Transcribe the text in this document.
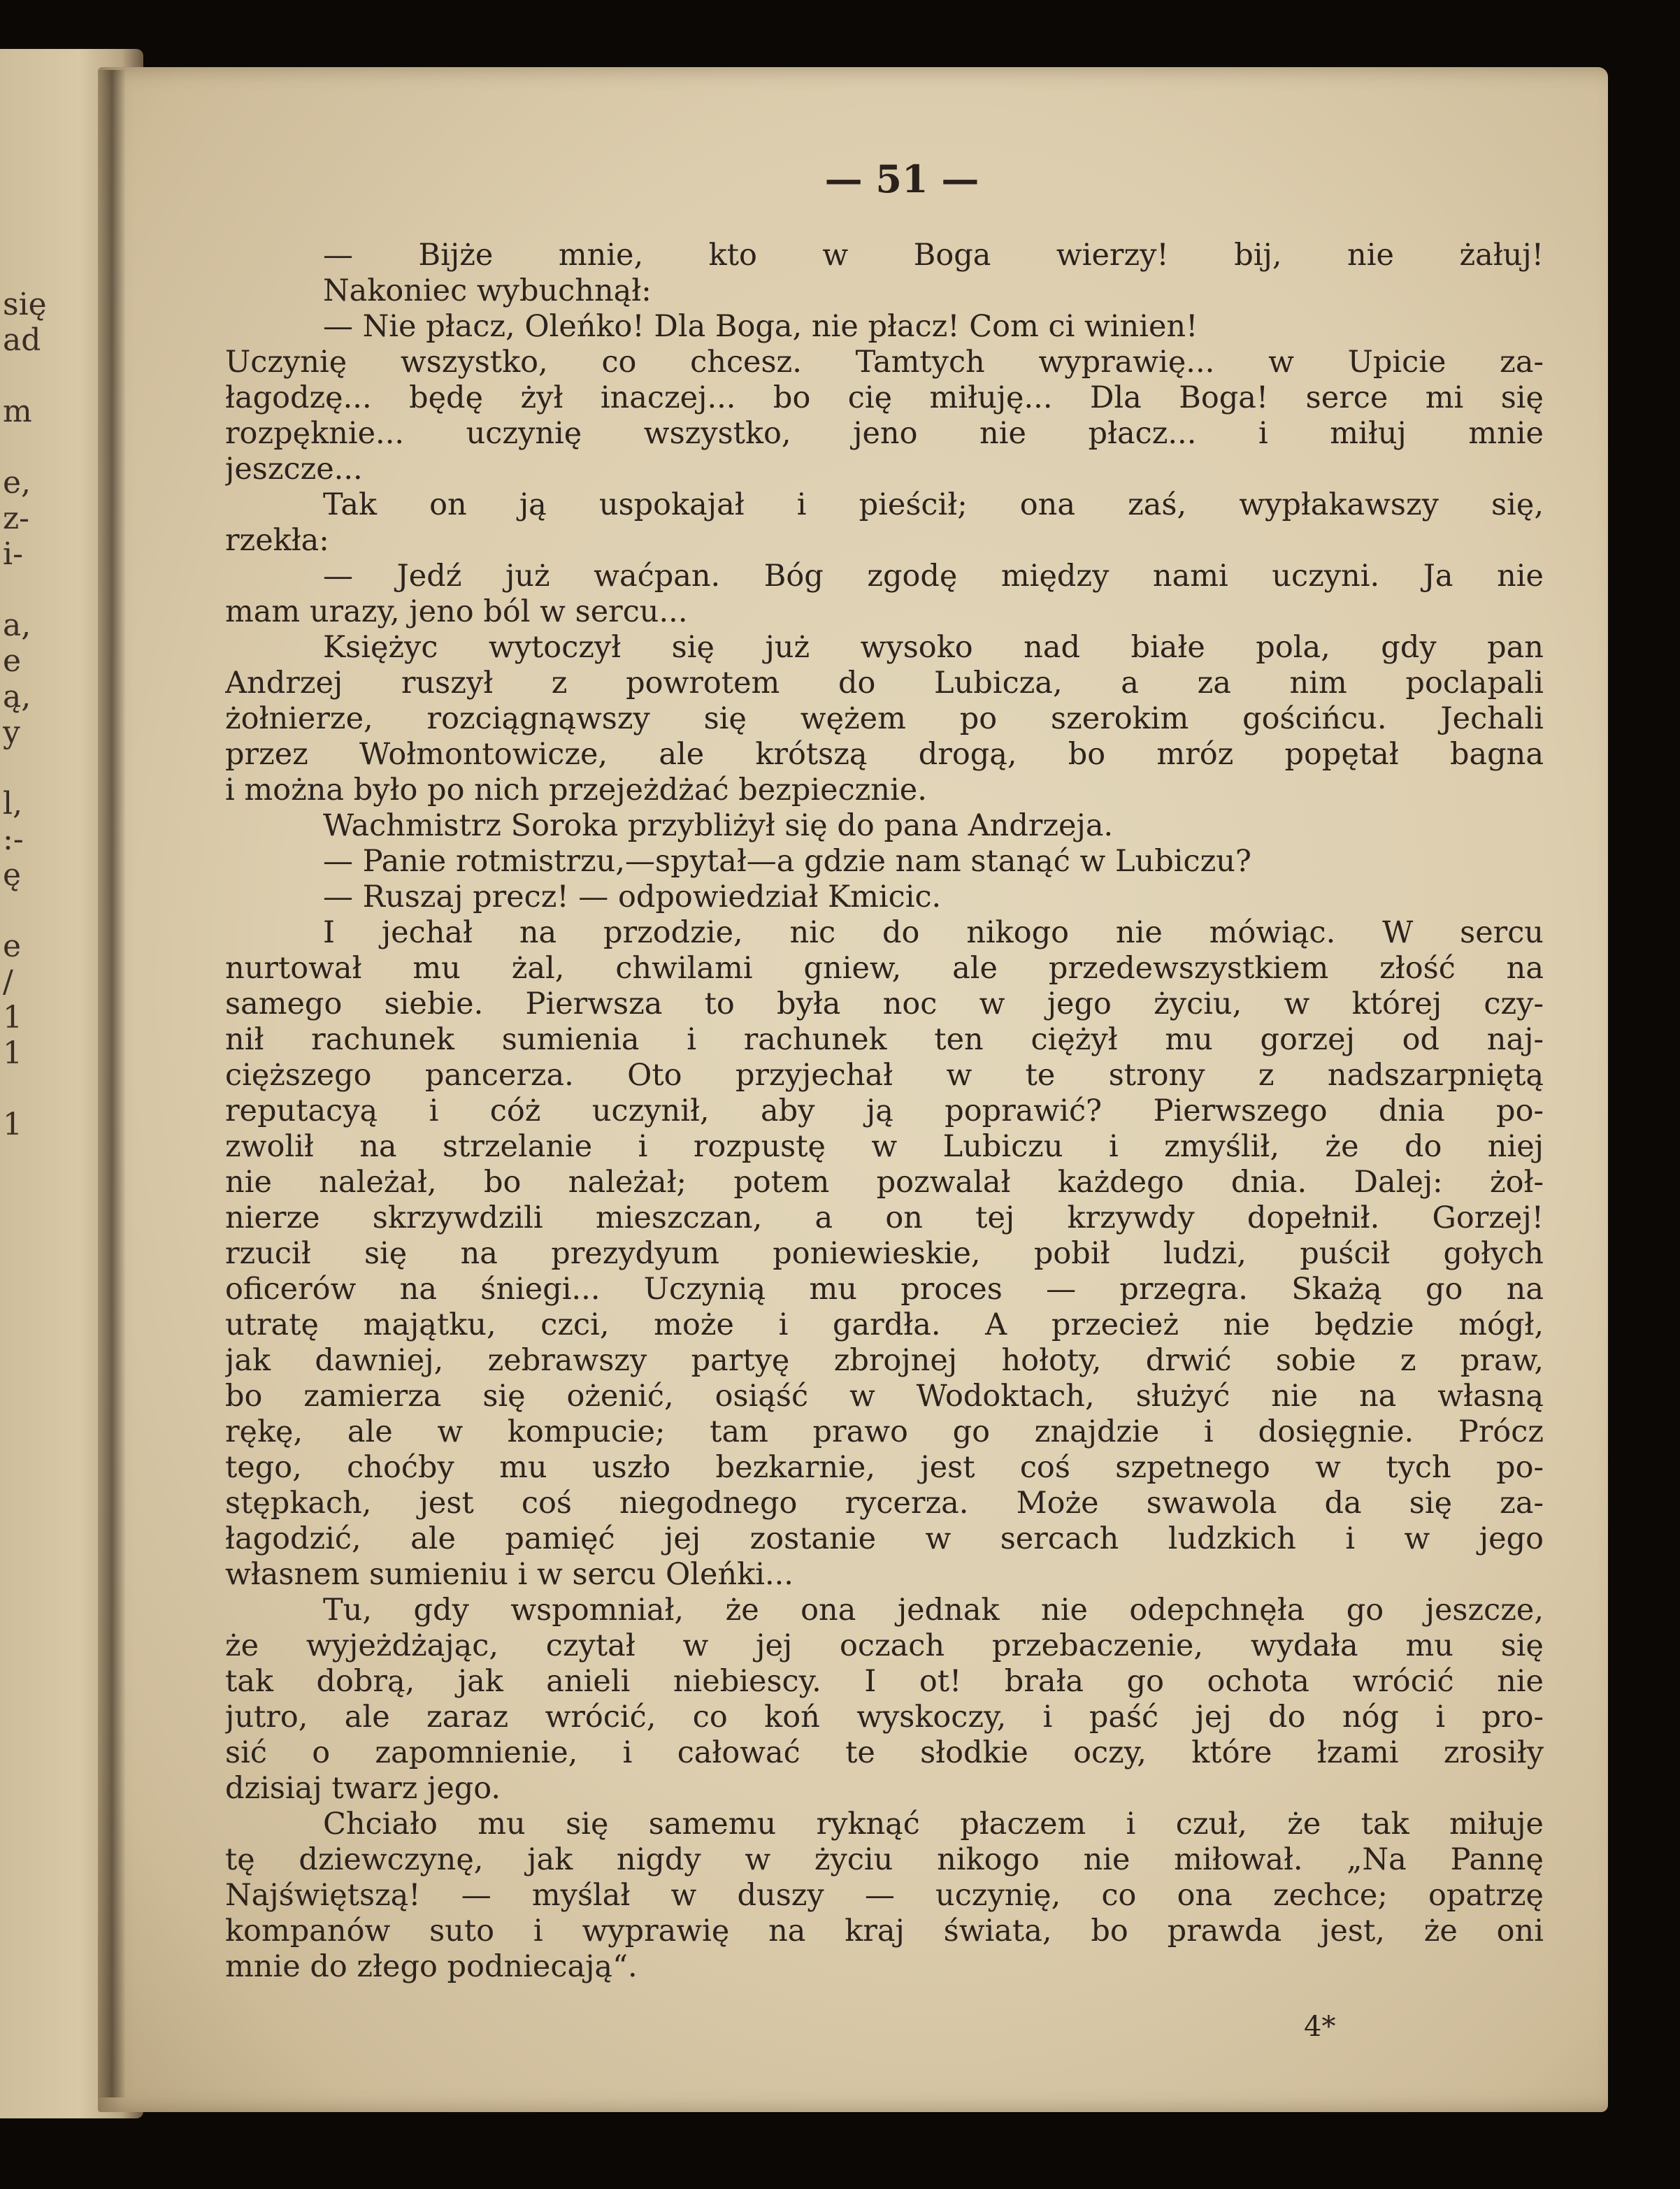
się
ad
m
e,
z-
i-
a,
e
ą,
y
l,
:-
ę
e
/
1
1
1
— 51 —
— Bijże mnie, kto w Boga wierzy! bij, nie żałuj!
Nakoniec wybuchnął:
— Nie płacz, Oleńko! Dla Boga, nie płacz! Com ci winien!
Uczynię wszystko, co chcesz. Tamtych wyprawię... w Upicie za-
łagodzę... będę żył inaczej... bo cię miłuję... Dla Boga! serce mi się
rozpęknie... uczynię wszystko, jeno nie płacz... i miłuj mnie
jeszcze...
Tak on ją uspokajał i pieścił; ona zaś, wypłakawszy się,
rzekła:
— Jedź już waćpan. Bóg zgodę między nami uczyni. Ja nie
mam urazy, jeno ból w sercu...
Księżyc wytoczył się już wysoko nad białe pola, gdy pan
Andrzej ruszył z powrotem do Lubicza, a za nim poclapali
żołnierze, rozciągnąwszy się wężem po szerokim gościńcu. Jechali
przez Wołmontowicze, ale krótszą drogą, bo mróz popętał bagna
i można było po nich przejeżdżać bezpiecznie.
Wachmistrz Soroka przybliżył się do pana Andrzeja.
— Panie rotmistrzu,—spytał—a gdzie nam stanąć w Lubiczu?
— Ruszaj precz! — odpowiedział Kmicic.
I jechał na przodzie, nic do nikogo nie mówiąc. W sercu
nurtował mu żal, chwilami gniew, ale przedewszystkiem złość na
samego siebie. Pierwsza to była noc w jego życiu, w której czy-
nił rachunek sumienia i rachunek ten ciężył mu gorzej od naj-
cięższego pancerza. Oto przyjechał w te strony z nadszarpniętą
reputacyą i cóż uczynił, aby ją poprawić? Pierwszego dnia po-
zwolił na strzelanie i rozpustę w Lubiczu i zmyślił, że do niej
nie należał, bo należał; potem pozwalał każdego dnia. Dalej: żoł-
nierze skrzywdzili mieszczan, a on tej krzywdy dopełnił. Gorzej!
rzucił się na prezydyum poniewieskie, pobił ludzi, puścił gołych
oficerów na śniegi... Uczynią mu proces — przegra. Skażą go na
utratę majątku, czci, może i gardła. A przecież nie będzie mógł,
jak dawniej, zebrawszy partyę zbrojnej hołoty, drwić sobie z praw,
bo zamierza się ożenić, osiąść w Wodoktach, służyć nie na własną
rękę, ale w kompucie; tam prawo go znajdzie i dosięgnie. Prócz
tego, choćby mu uszło bezkarnie, jest coś szpetnego w tych po-
stępkach, jest coś niegodnego rycerza. Może swawola da się za-
łagodzić, ale pamięć jej zostanie w sercach ludzkich i w jego
własnem sumieniu i w sercu Oleńki...
Tu, gdy wspomniał, że ona jednak nie odepchnęła go jeszcze,
że wyjeżdżając, czytał w jej oczach przebaczenie, wydała mu się
tak dobrą, jak anieli niebiescy. I ot! brała go ochota wrócić nie
jutro, ale zaraz wrócić, co koń wyskoczy, i paść jej do nóg i pro-
sić o zapomnienie, i całować te słodkie oczy, które łzami zrosiły
dzisiaj twarz jego.
Chciało mu się samemu ryknąć płaczem i czuł, że tak miłuje
tę dziewczynę, jak nigdy w życiu nikogo nie miłował. „Na Pannę
Najświętszą! — myślał w duszy — uczynię, co ona zechce; opatrzę
kompanów suto i wyprawię na kraj świata, bo prawda jest, że oni
mnie do złego podniecają“.
4*
